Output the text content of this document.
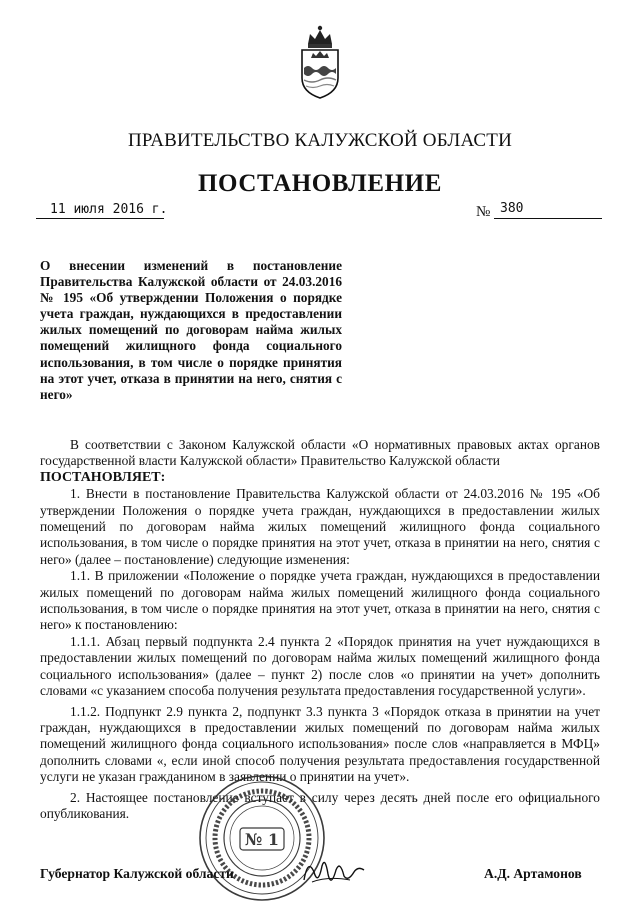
ПРАВИТЕЛЬСТВО КАЛУЖСКОЙ ОБЛАСТИ
ПОСТАНОВЛЕНИЕ
11 июля 2016 г.	№ 380
О внесении изменений в постановление Правительства Калужской области от 24.03.2016 № 195 «Об утверждении Положения о порядке учета граждан, нуждающихся в предоставлении жилых помещений по договорам найма жилых помещений жилищного фонда социального использования, в том числе о порядке принятия на этот учет, отказа в принятии на него, снятия с него»

В соответствии с Законом Калужской области «О нормативных правовых актах органов государственной власти Калужской области» Правительство Калужской области

ПОСТАНОВЛЯЕТ:

1. Внести в постановление Правительства Калужской области от 24.03.2016 № 195 «Об утверждении Положения о порядке учета граждан, нуждающихся в предоставлении жилых помещений по договорам найма жилых помещений жилищного фонда социального использования, в том числе о порядке принятия на этот учет, отказа в принятии на него, снятия с него» (далее – постановление) следующие изменения:

1.1. В приложении «Положение о порядке учета граждан, нуждающихся в предоставлении жилых помещений по договорам найма жилых помещений жилищного фонда социального использования, в том числе о порядке принятия на этот учет, отказа в принятии на него, снятия с него» к постановлению:

1.1.1. Абзац первый подпункта 2.4 пункта 2 «Порядок принятия на учет нуждающихся в предоставлении жилых помещений по договорам найма жилых помещений жилищного фонда социального использования» (далее – пункт 2) после слов «о принятии на учет» дополнить словами «с указанием способа получения результата предоставления государственной услуги».

1.1.2. Подпункт 2.9 пункта 2, подпункт 3.3 пункта 3 «Порядок отказа в принятии на учет граждан, нуждающихся в предоставлении жилых помещений по договорам найма жилых помещений жилищного фонда социального использования» после слов «направляется в МФЦ» дополнить словами «, если иной способ получения результата предоставления государственной услуги не указан гражданином в заявлении о принятии на учет».

2. Настоящее постановление вступает в силу через десять дней после его официального опубликования.

№ 1
Губернатор Калужской области	А.Д. Артамонов
